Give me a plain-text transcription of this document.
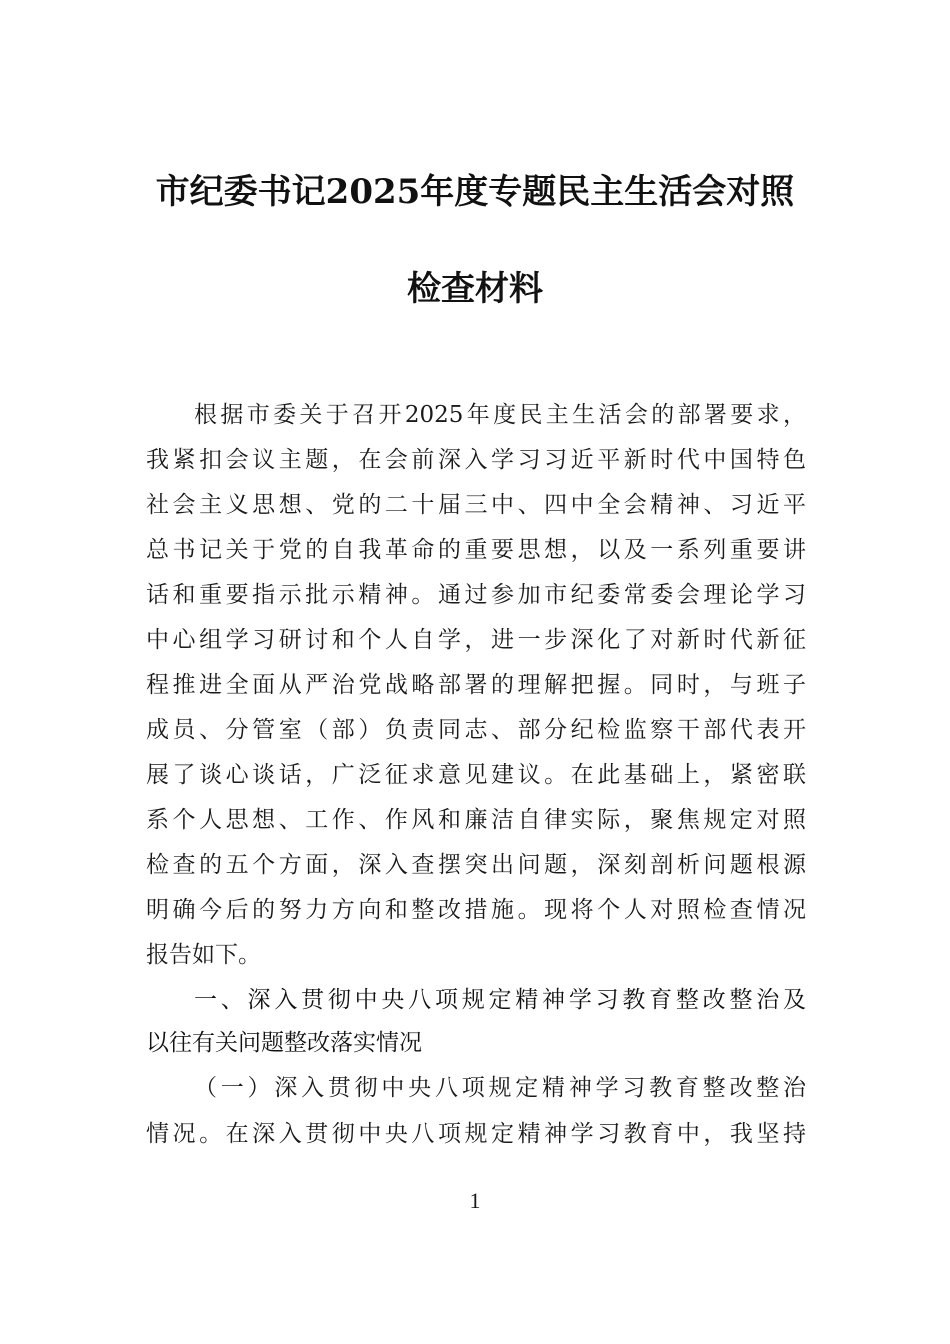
市纪委书记2025年度专题民主生活会对照
检查材料
根据市委关于召开2025年度民主生活会的部署要求，
我紧扣会议主题，在会前深入学习习近平新时代中国特色
社会主义思想、党的二十届三中、四中全会精神、习近平
总书记关于党的自我革命的重要思想，以及一系列重要讲
话和重要指示批示精神。通过参加市纪委常委会理论学习
中心组学习研讨和个人自学，进一步深化了对新时代新征
程推进全面从严治党战略部署的理解把握。同时，与班子
成员、分管室（部）负责同志、部分纪检监察干部代表开
展了谈心谈话，广泛征求意见建议。在此基础上，紧密联
系个人思想、工作、作风和廉洁自律实际，聚焦规定对照
检查的五个方面，深入查摆突出问题，深刻剖析问题根源
明确今后的努力方向和整改措施。现将个人对照检查情况
报告如下。
一、深入贯彻中央八项规定精神学习教育整改整治及
以往有关问题整改落实情况
（一）深入贯彻中央八项规定精神学习教育整改整治
情况。在深入贯彻中央八项规定精神学习教育中，我坚持
1
